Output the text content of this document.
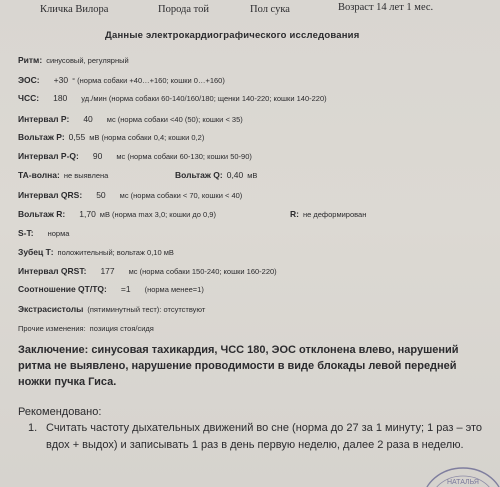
Кличка Вилора	Порода той	Пол сука	Возраст 14 лет 1 мес.
Данные электрокардиографического исследования
Ритм: синусовый, регулярный
ЭОС: +30 ° (норма собаки +40…+160; кошки 0…+160)
ЧСС: 180 уд./мин (норма собаки 60-140/160/180; щенки 140-220; кошки 140-220)
Интервал Р: 40 мс (норма собаки <40 (50); кошки < 35)
Вольтаж Р: 0,55 мВ (норма собаки 0,4; кошки 0,2)
Интервал P-Q: 90 мс (норма собаки 60-130; кошки 50-90)
ТА-волна: не выявлена	Вольтаж Q: 0,40 мВ
Интервал QRS: 50 мс (норма собаки < 70, кошки < 40)
Вольтаж R: 1,70 мВ (норма max 3,0; кошки до 0,9)	R: не деформирован
S-T: норма
Зубец Т: положительный; вольтаж 0,10 мВ
Интервал QRST: 177 мс (норма собаки 150-240; кошки 160-220)
Соотношение QT/TQ: =1 (норма менее=1)
Экстрасистолы (пятиминутный тест): отсутствуют
Прочие изменения: позиция стоя/сидя
Заключение: синусовая тахикардия, ЧСС 180, ЭОС отклонена влево, нарушений ритма не выявлено, нарушение проводимости в виде блокады левой передней ножки пучка Гиса.
Рекомендовано:
1. Считать частоту дыхательных движений во сне (норма до 27 за 1 минуту; 1 раз – это вдох + выдох) и записывать 1 раз в день первую неделю, далее 2 раза в неделю.
НАТАЛЬЯ
